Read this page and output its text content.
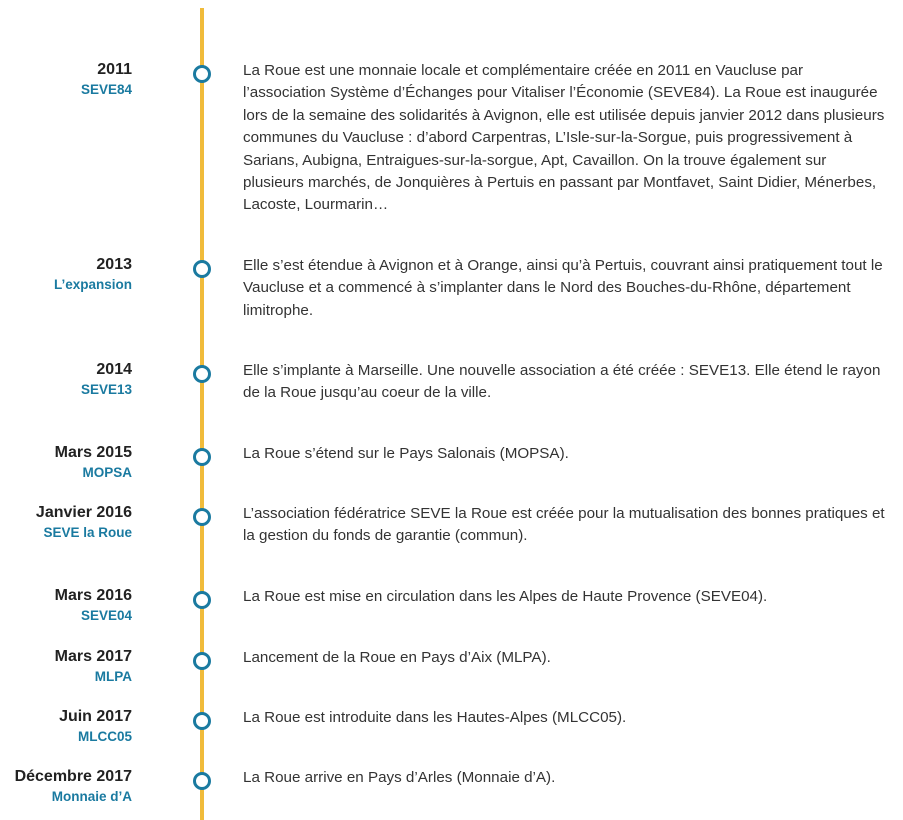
2011
SEVE84
La Roue est une monnaie locale et complémentaire créée en 2011 en Vaucluse par l’association Système d’Échanges pour Vitaliser l’Économie (SEVE84). La Roue est inaugurée lors de la semaine des solidarités à Avignon, elle est utilisée depuis janvier 2012 dans plusieurs communes du Vaucluse : d’abord Carpentras, L’Isle-sur-la-Sorgue, puis progressivement à Sarians, Aubigna, Entraigues-sur-la-sorgue, Apt, Cavaillon. On la trouve également sur plusieurs marchés, de Jonquières à Pertuis en passant par Montfavet, Saint Didier, Ménerbes, Lacoste, Lourmarin…
2013
L’expansion
Elle s’est étendue à Avignon et à Orange, ainsi qu’à Pertuis, couvrant ainsi pratiquement tout le Vaucluse et a commencé à s’implanter dans le Nord des Bouches-du-Rhône, département limitrophe.
2014
SEVE13
Elle s’implante à Marseille. Une nouvelle association a été créée : SEVE13. Elle étend le rayon de la Roue jusqu’au coeur de la ville.
Mars 2015
MOPSA
La Roue s’étend sur le Pays Salonais (MOPSA).
Janvier 2016
SEVE la Roue
L’association fédératrice SEVE la Roue est créée pour la mutualisation des bonnes pratiques et la gestion du fonds de garantie (commun).
Mars 2016
SEVE04
La Roue est mise en circulation dans les Alpes de Haute Provence (SEVE04).
Mars 2017
MLPA
Lancement de la Roue en Pays d’Aix (MLPA).
Juin 2017
MLCC05
La Roue est introduite dans les Hautes-Alpes (MLCC05).
Décembre 2017
Monnaie d’A
La Roue arrive en Pays d’Arles (Monnaie d’A).
